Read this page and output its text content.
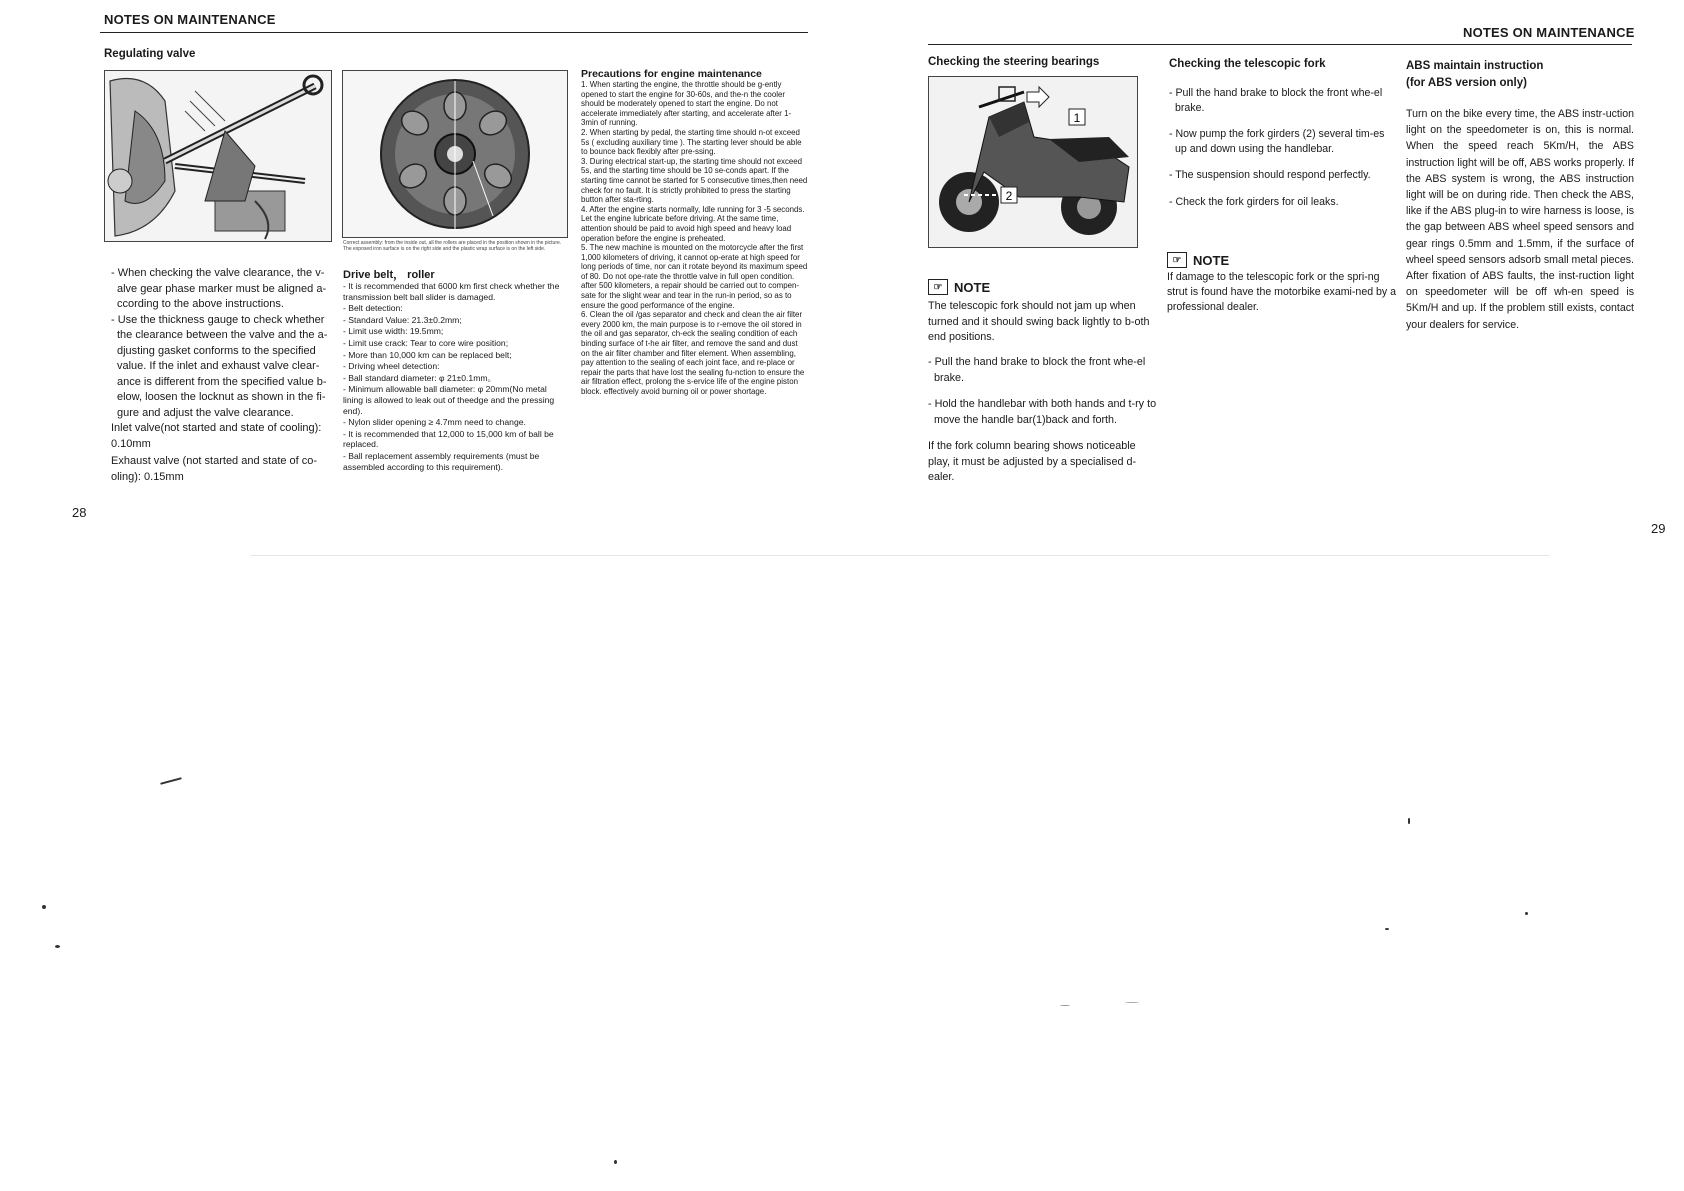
NOTES ON MAINTENANCE
Regulating valve

- When checking the valve clearance, the v-alve gear phase marker must be aligned a-ccording to the above instructions.

- Use the thickness gauge to check whether the clearance between the valve and the a-djusting gasket conforms to the specified value. If the inlet and exhaust valve clear-ance is different from the specified value b-elow, loosen the locknut as shown in the fi-gure and adjust the valve clearance.

Inlet valve(not started and state of cooling): 0.10mm

Exhaust valve (not started and state of co-oling): 0.15mm

Correct assembly: from the inside out, all the rollers are placed in the position shown in the picture. The exposed iron surface is on the right side and the plastic wrap surface is on the left side.
Drive belt， roller
- It is recommended that 6000 km first check whether the transmission belt ball slider is damaged.
- Belt detection:
- Standard Value: 21.3±0.2mm;
- Limit use width: 19.5mm;
- Limit use crack: Tear to core wire position;
- More than 10,000 km can be replaced belt;
- Driving wheel detection:
- Ball standard diameter: φ 21±0.1mm。
- Minimum allowable ball diameter: φ 20mm(No metal lining is allowed to leak out of theedge and the pressing end).
- Nylon slider opening ≥ 4.7mm need to change.
- It is recommended that 12,000 to 15,000 km of ball be replaced.
- Ball replacement assembly requirements (must be assembled according to this requirement).
Precautions for engine maintenance
1. When starting the engine, the throttle should be g-ently opened to start the engine for 30-60s, and the-n the cooler should be moderately opened to start the engine. Do not accelerate immediately after starting, and accelerate after 1-3min of running.
2. When starting by pedal, the starting time should n-ot exceed 5s ( excluding auxiliary time ). The starting lever should be able to bounce back flexibly after pre-ssing.
3. During electrical start-up, the starting time should not exceed 5s, and the starting time should be 10 se-conds apart. If the starting time cannot be started for 5 consecutive times,then need check for no fault. It is strictly prohibited to press the starting button after sta-rting.
4. After the engine starts normally, Idle running for 3 -5 seconds. Let the engine lubricate before driving. At the same time, attention should be paid to avoid high speed and heavy load operation before the engine is preheated.
5. The new machine is mounted on the motorcycle after the first 1,000 kilometers of driving, it cannot op-erate at high speed for long periods of time, nor can it rotate beyond its maximum speed of 80. Do not ope-rate the throttle valve in full open condition. after 500 kilometers, a repair should be carried out to compen-sate for the slight wear and tear in the run-in period, so as to ensure the good performance of the engine.
6. Clean the oil /gas separator and check and clean the air filter every 2000 km, the main purpose is to r-emove the oil stored in the oil and gas separator, ch-eck the sealing condition of each binding surface of t-he air filter, and remove the sand and dust on the air filter chamber and filter element. When assembling, pay attention to the sealing of each joint face, and re-place or repair the parts that have lost the sealing fu-nction to ensure the air filtration effect, prolong the s-ervice life of the engine piston block. effectively avoid burning oil or power shortage.
28
NOTES ON MAINTENANCE
Checking the steering bearings
1
2
☞ NOTE
The telescopic fork should not jam up when turned and it should swing back lightly to b-oth end positions.
- Pull the hand brake to block the front whe-el brake.
- Hold the handlebar with both hands and t-ry to move the handle bar(1)back and forth.
If the fork column bearing shows noticeable play, it must be adjusted by a specialised d-ealer.
Checking the telescopic fork
- Pull the hand brake to block the front whe-el brake.
- Now pump the fork girders (2) several tim-es up and down using the handlebar.
- The suspension should respond perfectly.
- Check the fork girders for oil leaks.
☞ NOTE
If damage to the telescopic fork or the spri-ng strut is found have the motorbike exami-ned by a professional dealer.
ABS maintain instruction
(for ABS version only)
Turn on the bike every time, the ABS instr-uction light on the speedometer is on, this is normal. When the speed reach 5Km/H, the ABS instruction light will be off, ABS works properly. If the ABS system is wrong, the ABS instruction light will be on during ride. Then check the ABS, like if the ABS plug-in to wire harness is loose, is the gap between ABS wheel speed sensors and gear rings 0.5mm and 1.5mm, if the surface of wheel speed sensors adsorb small metal pieces. After fixation of ABS faults, the inst-ruction light on speedometer will be off wh-en speed is 5Km/H and up. If the problem still exists, contact your dealers for service.
29
